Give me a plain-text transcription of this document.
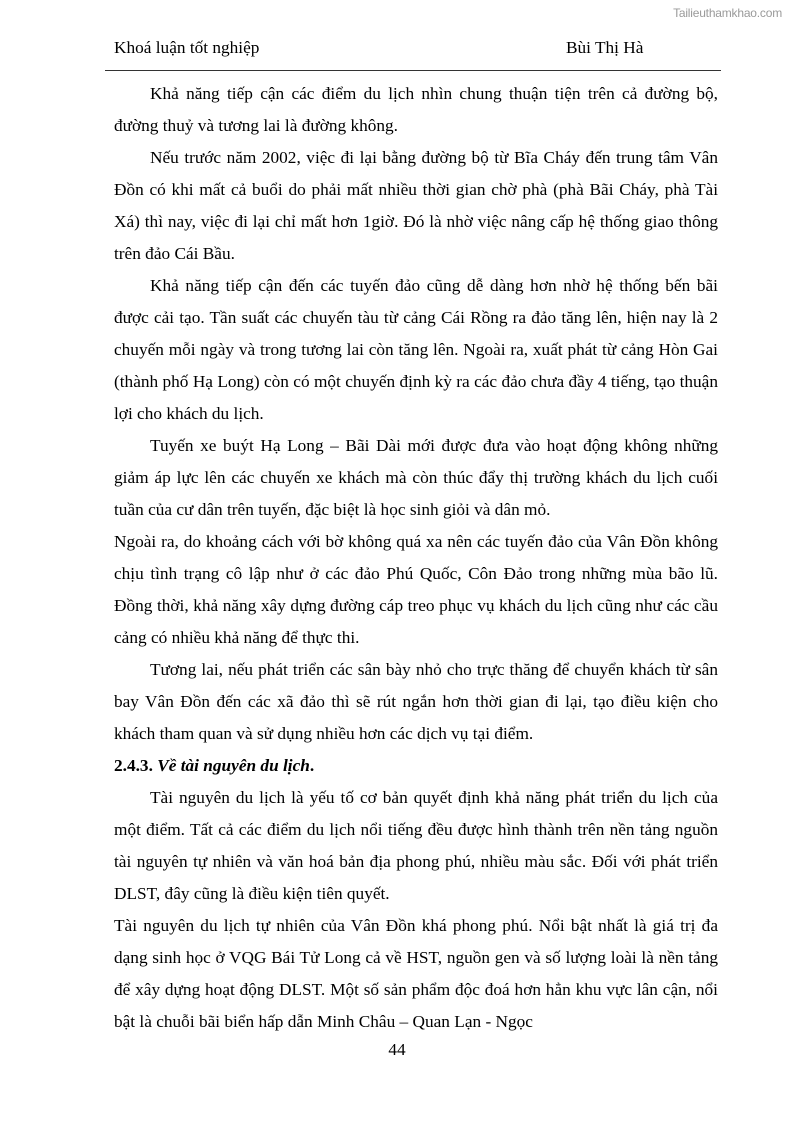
Tailieuthamkhao.com
Khoá luận tốt nghiệp	Bùi Thị Hà

Khả năng tiếp cận các điểm du lịch nhìn chung thuận tiện trên cả đường bộ, đường thuỷ và tương lai là đường không.

Nếu trước năm 2002, việc đi lại bằng đường bộ từ Bĩa Cháy đến trung tâm Vân Đồn có khi mất cả buổi do phải mất nhiều thời gian chờ phà (phà Bãi Cháy, phà Tài Xá) thì nay, việc đi lại chỉ mất hơn 1giờ. Đó là nhờ việc nâng cấp hệ thống giao thông trên đảo Cái Bầu.

Khả năng tiếp cận đến các tuyến đảo cũng dễ dàng hơn nhờ hệ thống bến bãi được cải tạo. Tần suất các chuyến tàu từ cảng Cái Rồng ra đảo tăng lên, hiện nay là 2 chuyến mỗi ngày và trong tương lai còn tăng lên. Ngoài ra, xuất phát từ cảng Hòn Gai (thành phố Hạ Long) còn có một chuyến định kỳ ra các đảo chưa đầy 4 tiếng, tạo thuận lợi cho khách du lịch.

Tuyến xe buýt Hạ Long – Bãi Dài mới được đưa vào hoạt động không những giảm áp lực lên các chuyến xe khách mà còn thúc đẩy thị trường khách du lịch cuối tuần của cư dân trên tuyến, đặc biệt là học sinh giỏi và dân mỏ.

Ngoài ra, do khoảng cách với bờ không quá xa nên các tuyến đảo của Vân Đồn không chịu tình trạng cô lập như ở các đảo Phú Quốc, Côn Đảo trong những mùa bão lũ. Đồng thời, khả năng xây dựng đường cáp treo phục vụ khách du lịch cũng như các cầu cảng có nhiều khả năng để thực thi.

Tương lai, nếu phát triển các sân bày nhỏ cho trực thăng để chuyển khách từ sân bay Vân Đồn đến các xã đảo thì sẽ rút ngắn hơn thời gian đi lại, tạo điều kiện cho khách tham quan và sử dụng nhiều hơn các dịch vụ tại điểm.

2.4.3. Về tài nguyên du lịch.

Tài nguyên du lịch là yếu tố cơ bản quyết định khả năng phát triển du lịch của một điểm. Tất cả các điểm du lịch nổi tiếng đều được hình thành trên nền tảng nguồn tài nguyên tự nhiên và văn hoá bản địa phong phú, nhiều màu sắc. Đối với phát triển DLST, đây cũng là điều kiện tiên quyết.

Tài nguyên du lịch tự nhiên của Vân Đồn khá phong phú. Nổi bật nhất là giá trị đa dạng sinh học ở VQG Bái Tử Long cả về HST, nguồn gen và số lượng loài là nền tảng để xây dựng hoạt động DLST. Một số sản phẩm độc đoá hơn hẳn khu vực lân cận, nổi bật là chuỗi bãi biển hấp dẫn Minh Châu – Quan Lạn - Ngọc

44
